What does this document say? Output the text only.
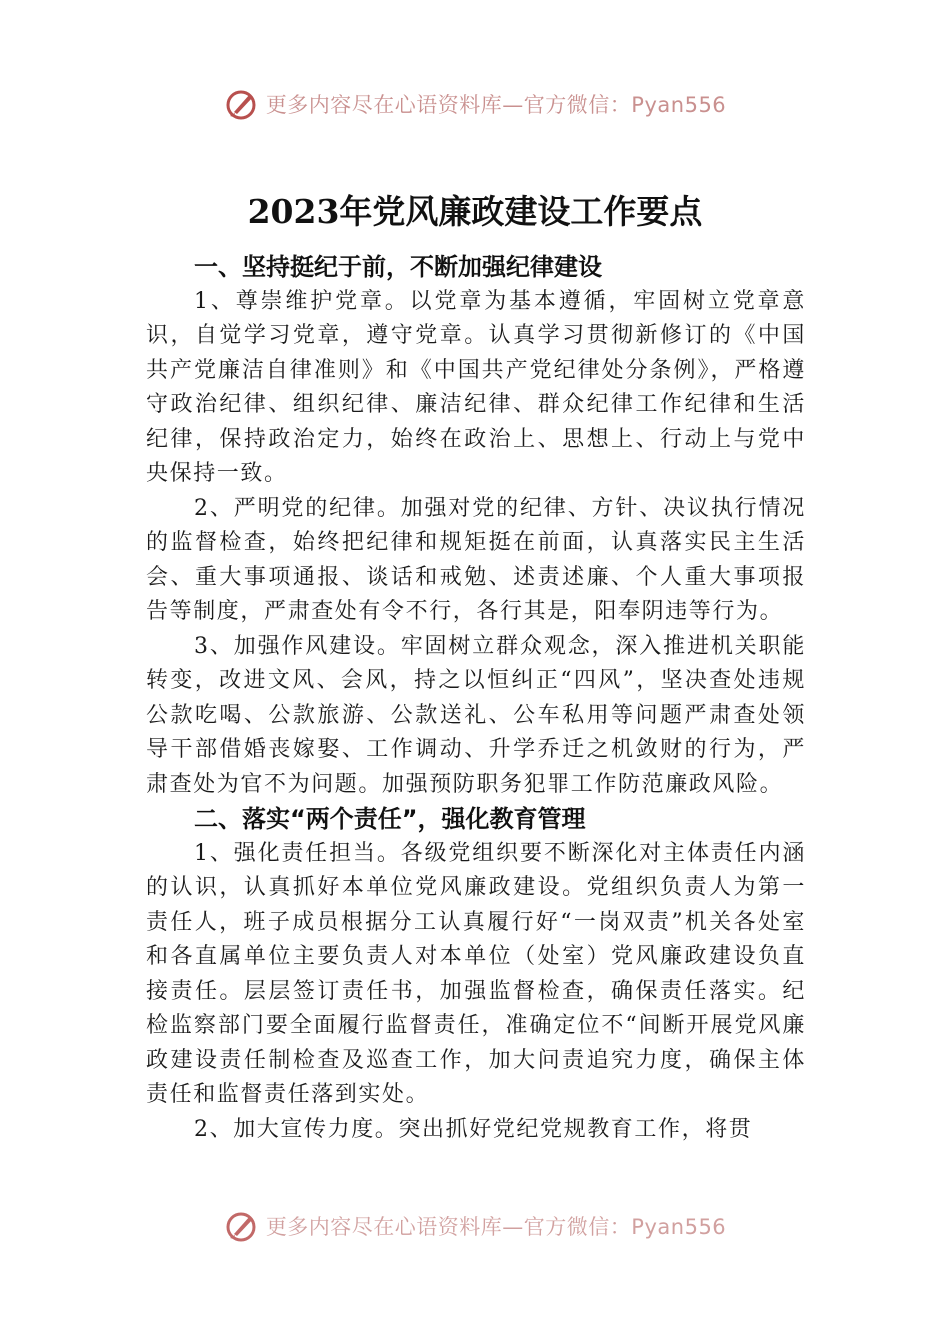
更多内容尽在心语资料库—官方微信：Pyan556
2023年党风廉政建设工作要点

一、坚持挺纪于前，不断加强纪律建设

1、尊崇维护党章。以党章为基本遵循，牢固树立党章意识，自觉学习党章，遵守党章。认真学习贯彻新修订的《中国共产党廉洁自律准则》和《中国共产党纪律处分条例》，严格遵守政治纪律、组织纪律、廉洁纪律、群众纪律工作纪律和生活纪律，保持政治定力，始终在政治上、思想上、行动上与党中央保持一致。

2、严明党的纪律。加强对党的纪律、方针、决议执行情况的监督检查，始终把纪律和规矩挺在前面，认真落实民主生活会、重大事项通报、谈话和戒勉、述责述廉、个人重大事项报告等制度，严肃查处有令不行，各行其是，阳奉阴违等行为。

3、加强作风建设。牢固树立群众观念，深入推进机关职能转变，改进文风、会风，持之以恒纠正“四风”，坚决查处违规公款吃喝、公款旅游、公款送礼、公车私用等问题严肃查处领导干部借婚丧嫁娶、工作调动、升学乔迁之机敛财的行为，严肃查处为官不为问题。加强预防职务犯罪工作防范廉政风险。

二、落实“两个责任”，强化教育管理

1、强化责任担当。各级党组织要不断深化对主体责任内涵的认识，认真抓好本单位党风廉政建设。党组织负责人为第一责任人，班子成员根据分工认真履行好“一岗双责”机关各处室和各直属单位主要负责人对本单位（处室）党风廉政建设负直接责任。层层签订责任书，加强监督检查，确保责任落实。纪检监察部门要全面履行监督责任，准确定位不“间断开展党风廉政建设责任制检查及巡查工作，加大问责追究力度，确保主体责任和监督责任落到实处。

2、加大宣传力度。突出抓好党纪党规教育工作，将贯

更多内容尽在心语资料库—官方微信：Pyan556
